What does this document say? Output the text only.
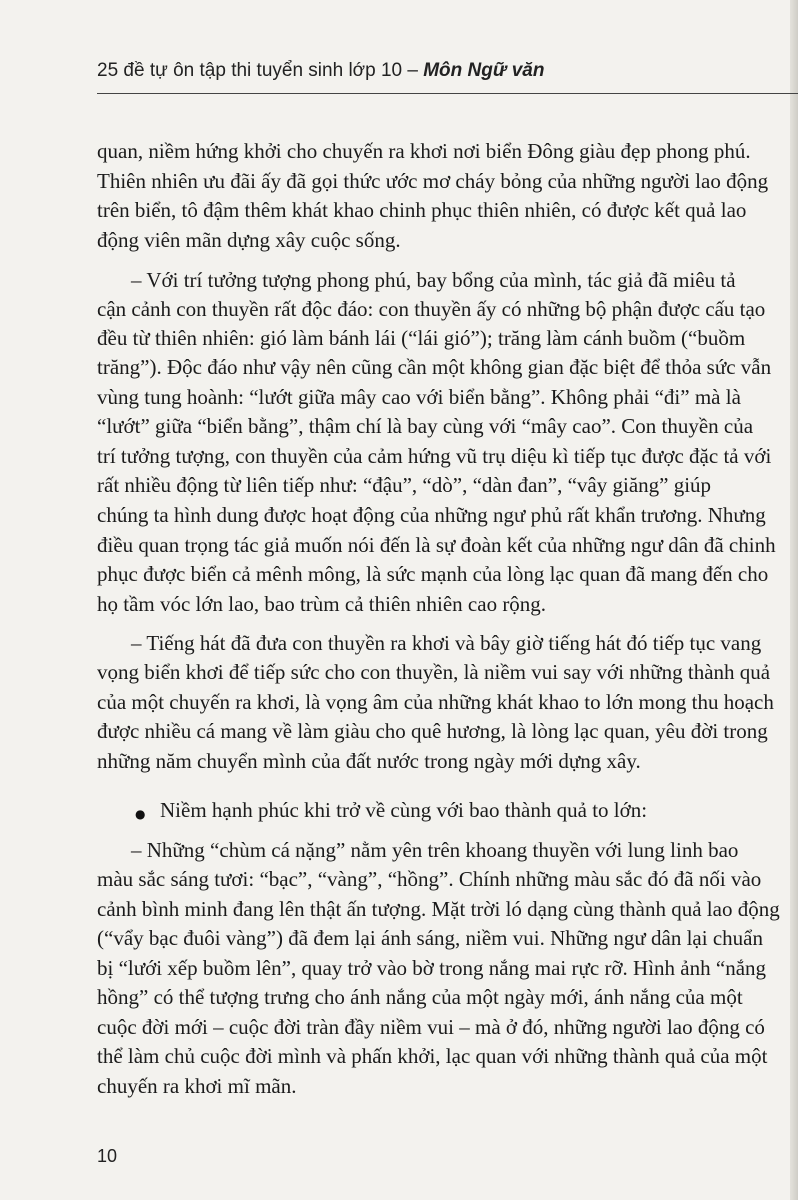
25 đề tự ôn tập thi tuyển sinh lớp 10 – Môn Ngữ văn
quan, niềm hứng khởi cho chuyến ra khơi nơi biển Đông giàu đẹp phong phú.
Thiên nhiên ưu đãi ấy đã gọi thức ước mơ cháy bỏng của những người lao động
trên biển, tô đậm thêm khát khao chinh phục thiên nhiên, có được kết quả lao
động viên mãn dựng xây cuộc sống.
– Với trí tưởng tượng phong phú, bay bổng của mình, tác giả đã miêu tả
cận cảnh con thuyền rất độc đáo: con thuyền ấy có những bộ phận được cấu tạo
đều từ thiên nhiên: gió làm bánh lái (“lái gió”); trăng làm cánh buồm (“buồm
trăng”). Độc đáo như vậy nên cũng cần một không gian đặc biệt để thỏa sức vẫn
vùng tung hoành: “lướt giữa mây cao với biển bằng”. Không phải “đi” mà là
“lướt” giữa “biển bằng”, thậm chí là bay cùng với “mây cao”. Con thuyền của
trí tưởng tượng, con thuyền của cảm hứng vũ trụ diệu kì tiếp tục được đặc tả với
rất nhiều động từ liên tiếp như: “đậu”, “dò”, “dàn đan”, “vây giăng” giúp
chúng ta hình dung được hoạt động của những ngư phủ rất khẩn trương. Nhưng
điều quan trọng tác giả muốn nói đến là sự đoàn kết của những ngư dân đã chinh
phục được biển cả mênh mông, là sức mạnh của lòng lạc quan đã mang đến cho
họ tầm vóc lớn lao, bao trùm cả thiên nhiên cao rộng.
– Tiếng hát đã đưa con thuyền ra khơi và bây giờ tiếng hát đó tiếp tục vang
vọng biển khơi để tiếp sức cho con thuyền, là niềm vui say với những thành quả
của một chuyến ra khơi, là vọng âm của những khát khao to lớn mong thu hoạch
được nhiều cá mang về làm giàu cho quê hương, là lòng lạc quan, yêu đời trong
những năm chuyển mình của đất nước trong ngày mới dựng xây.
● Niềm hạnh phúc khi trở về cùng với bao thành quả to lớn:
– Những “chùm cá nặng” nằm yên trên khoang thuyền với lung linh bao
màu sắc sáng tươi: “bạc”, “vàng”, “hồng”. Chính những màu sắc đó đã nối vào
cảnh bình minh đang lên thật ấn tượng. Mặt trời ló dạng cùng thành quả lao động
(“vẩy bạc đuôi vàng”) đã đem lại ánh sáng, niềm vui. Những ngư dân lại chuẩn
bị “lưới xếp buồm lên”, quay trở vào bờ trong nắng mai rực rỡ. Hình ảnh “nắng
hồng” có thể tượng trưng cho ánh nắng của một ngày mới, ánh nắng của một
cuộc đời mới – cuộc đời tràn đầy niềm vui – mà ở đó, những người lao động có
thể làm chủ cuộc đời mình và phấn khởi, lạc quan với những thành quả của một
chuyến ra khơi mĩ mãn.
10
